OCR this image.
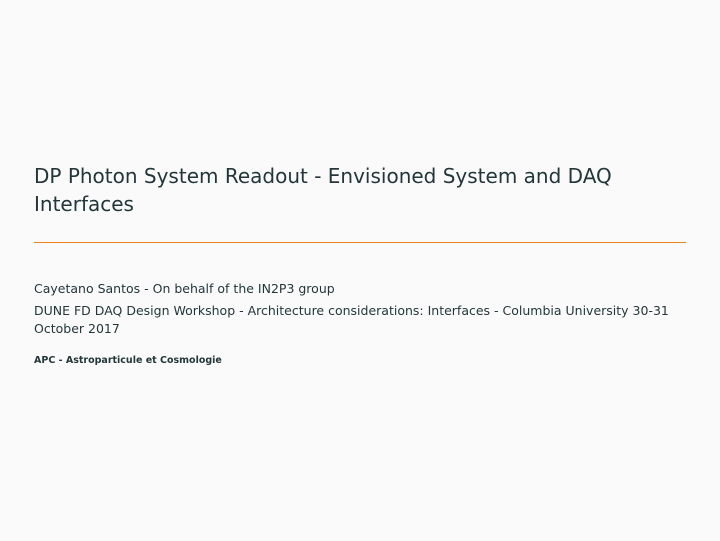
DP Photon System Readout - Envisioned System and DAQ Interfaces
Cayetano Santos - On behalf of the IN2P3 group
DUNE FD DAQ Design Workshop - Architecture considerations: Interfaces - Columbia University 30-31 October 2017
APC - Astroparticule et Cosmologie
